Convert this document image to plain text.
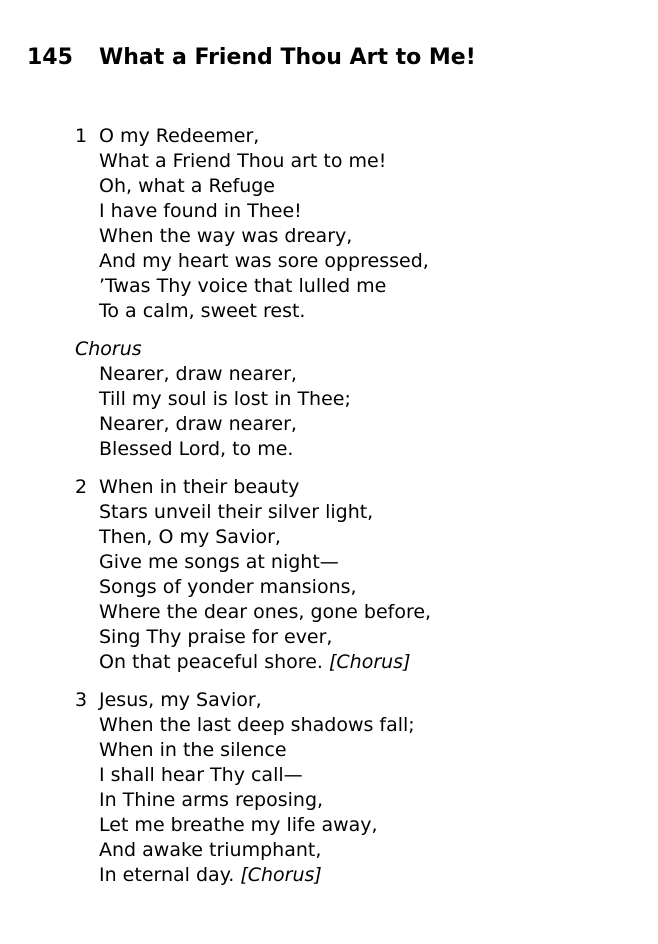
145 What a Friend Thou Art to Me!
1 O my Redeemer,
What a Friend Thou art to me!
Oh, what a Refuge
I have found in Thee!
When the way was dreary,
And my heart was sore oppressed,
’Twas Thy voice that lulled me
To a calm, sweet rest.
Chorus
Nearer, draw nearer,
Till my soul is lost in Thee;
Nearer, draw nearer,
Blessed Lord, to me.
2 When in their beauty
Stars unveil their silver light,
Then, O my Savior,
Give me songs at night—
Songs of yonder mansions,
Where the dear ones, gone before,
Sing Thy praise for ever,
On that peaceful shore. [Chorus]
3 Jesus, my Savior,
When the last deep shadows fall;
When in the silence
I shall hear Thy call—
In Thine arms reposing,
Let me breathe my life away,
And awake triumphant,
In eternal day. [Chorus]
